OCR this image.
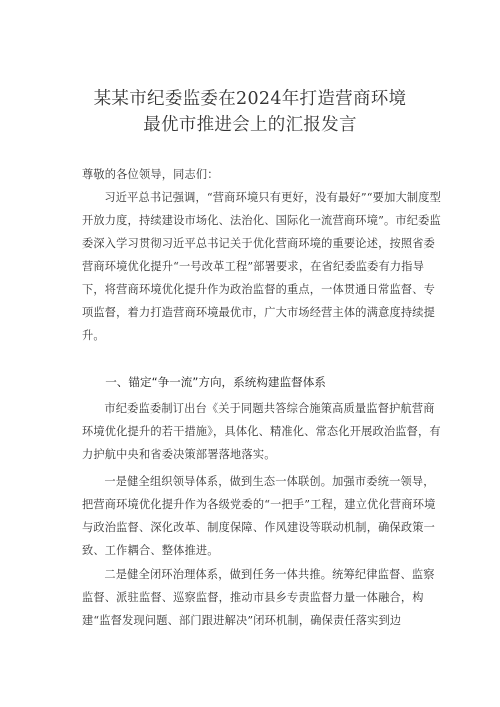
某某市纪委监委在2024年打造营商环境
最优市推进会上的汇报发言
尊敬的各位领导，同志们：
习近平总书记强调，“营商环境只有更好，没有最好”“要加大制度型开放力度，持续建设市场化、法治化、国际化一流营商环境”。市纪委监委深入学习贯彻习近平总书记关于优化营商环境的重要论述，按照省委营商环境优化提升“一号改革工程”部署要求，在省纪委监委有力指导下，将营商环境优化提升作为政治监督的重点，一体贯通日常监督、专项监督，着力打造营商环境最优市，广大市场经营主体的满意度持续提升。
一、锚定“争一流”方向，系统构建监督体系
市纪委监委制订出台《关于同题共答综合施策高质量监督护航营商环境优化提升的若干措施》，具体化、精准化、常态化开展政治监督，有力护航中央和省委决策部署落地落实。
一是健全组织领导体系，做到生态一体联创。加强市委统一领导，把营商环境优化提升作为各级党委的“一把手”工程，建立优化营商环境与政治监督、深化改革、制度保障、作风建设等联动机制，确保政策一致、工作耦合、整体推进。
二是健全闭环治理体系，做到任务一体共推。统筹纪律监督、监察监督、派驻监督、巡察监督，推动市县乡专责监督力量一体融合，构建“监督发现问题、部门跟进解决”闭环机制，确保责任落实到边
